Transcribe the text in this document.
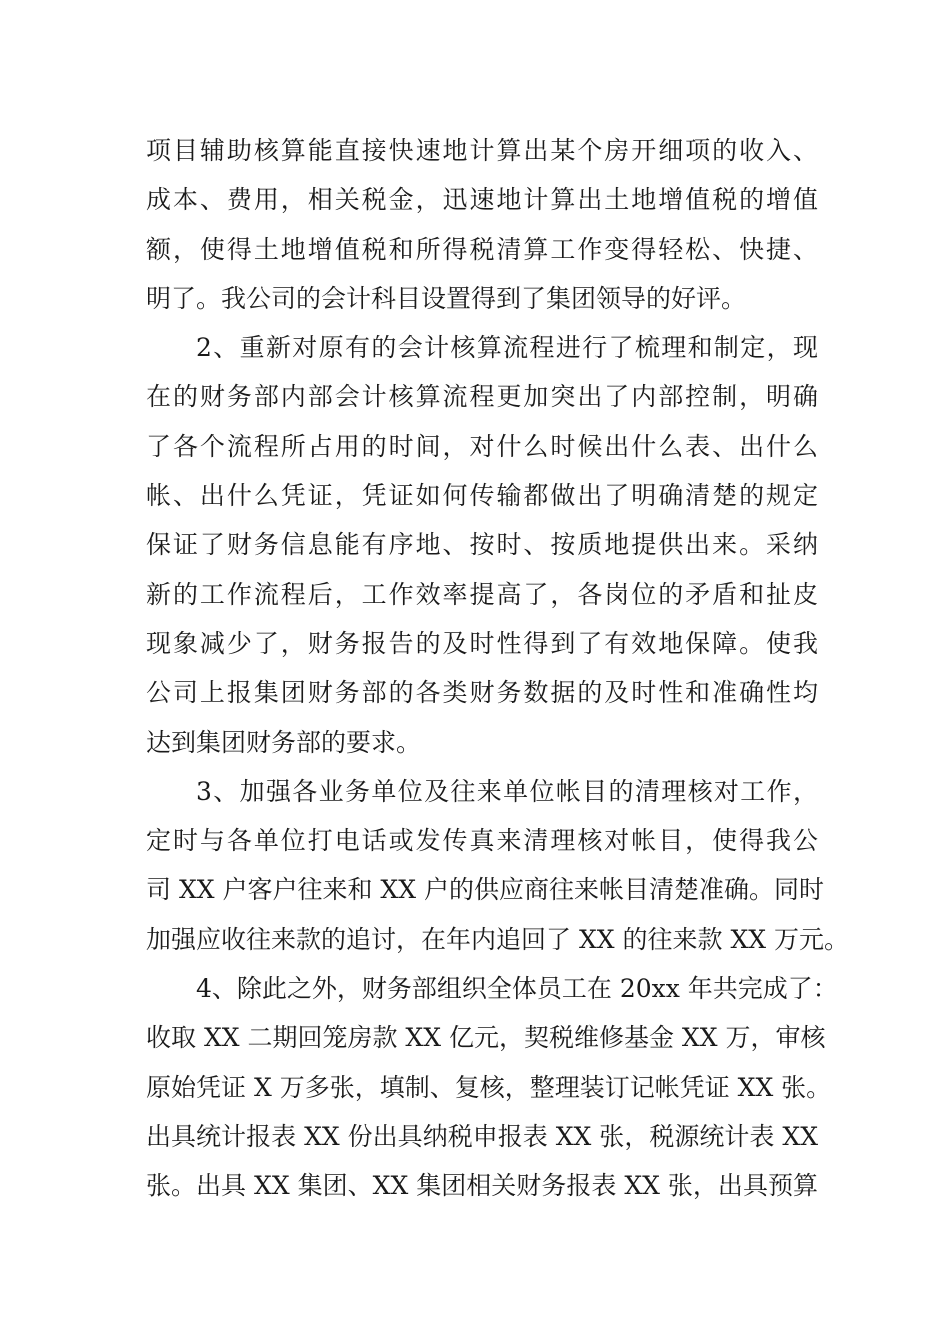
项目辅助核算能直接快速地计算出某个房开细项的收入、
成本、费用，相关税金，迅速地计算出土地增值税的增值
额，使得土地增值税和所得税清算工作变得轻松、快捷、
明了。我公司的会计科目设置得到了集团领导的好评。
2、重新对原有的会计核算流程进行了梳理和制定，现
在的财务部内部会计核算流程更加突出了内部控制，明确
了各个流程所占用的时间，对什么时候出什么表、出什么
帐、出什么凭证，凭证如何传输都做出了明确清楚的规定
保证了财务信息能有序地、按时、按质地提供出来。采纳
新的工作流程后，工作效率提高了，各岗位的矛盾和扯皮
现象减少了，财务报告的及时性得到了有效地保障。使我
公司上报集团财务部的各类财务数据的及时性和准确性均
达到集团财务部的要求。
3、加强各业务单位及往来单位帐目的清理核对工作，
定时与各单位打电话或发传真来清理核对帐目，使得我公
司 XX 户客户往来和 XX 户的供应商往来帐目清楚准确。同时
加强应收往来款的追讨，在年内追回了 XX 的往来款 XX 万元。
4、除此之外，财务部组织全体员工在 20xx 年共完成了：
收取 XX 二期回笼房款 XX 亿元，契税维修基金 XX 万，审核
原始凭证 X 万多张，填制、复核，整理装订记帐凭证 XX 张。
出具统计报表 XX 份出具纳税申报表 XX 张，税源统计表 XX
张。出具 XX 集团、XX 集团相关财务报表 XX 张，出具预算
